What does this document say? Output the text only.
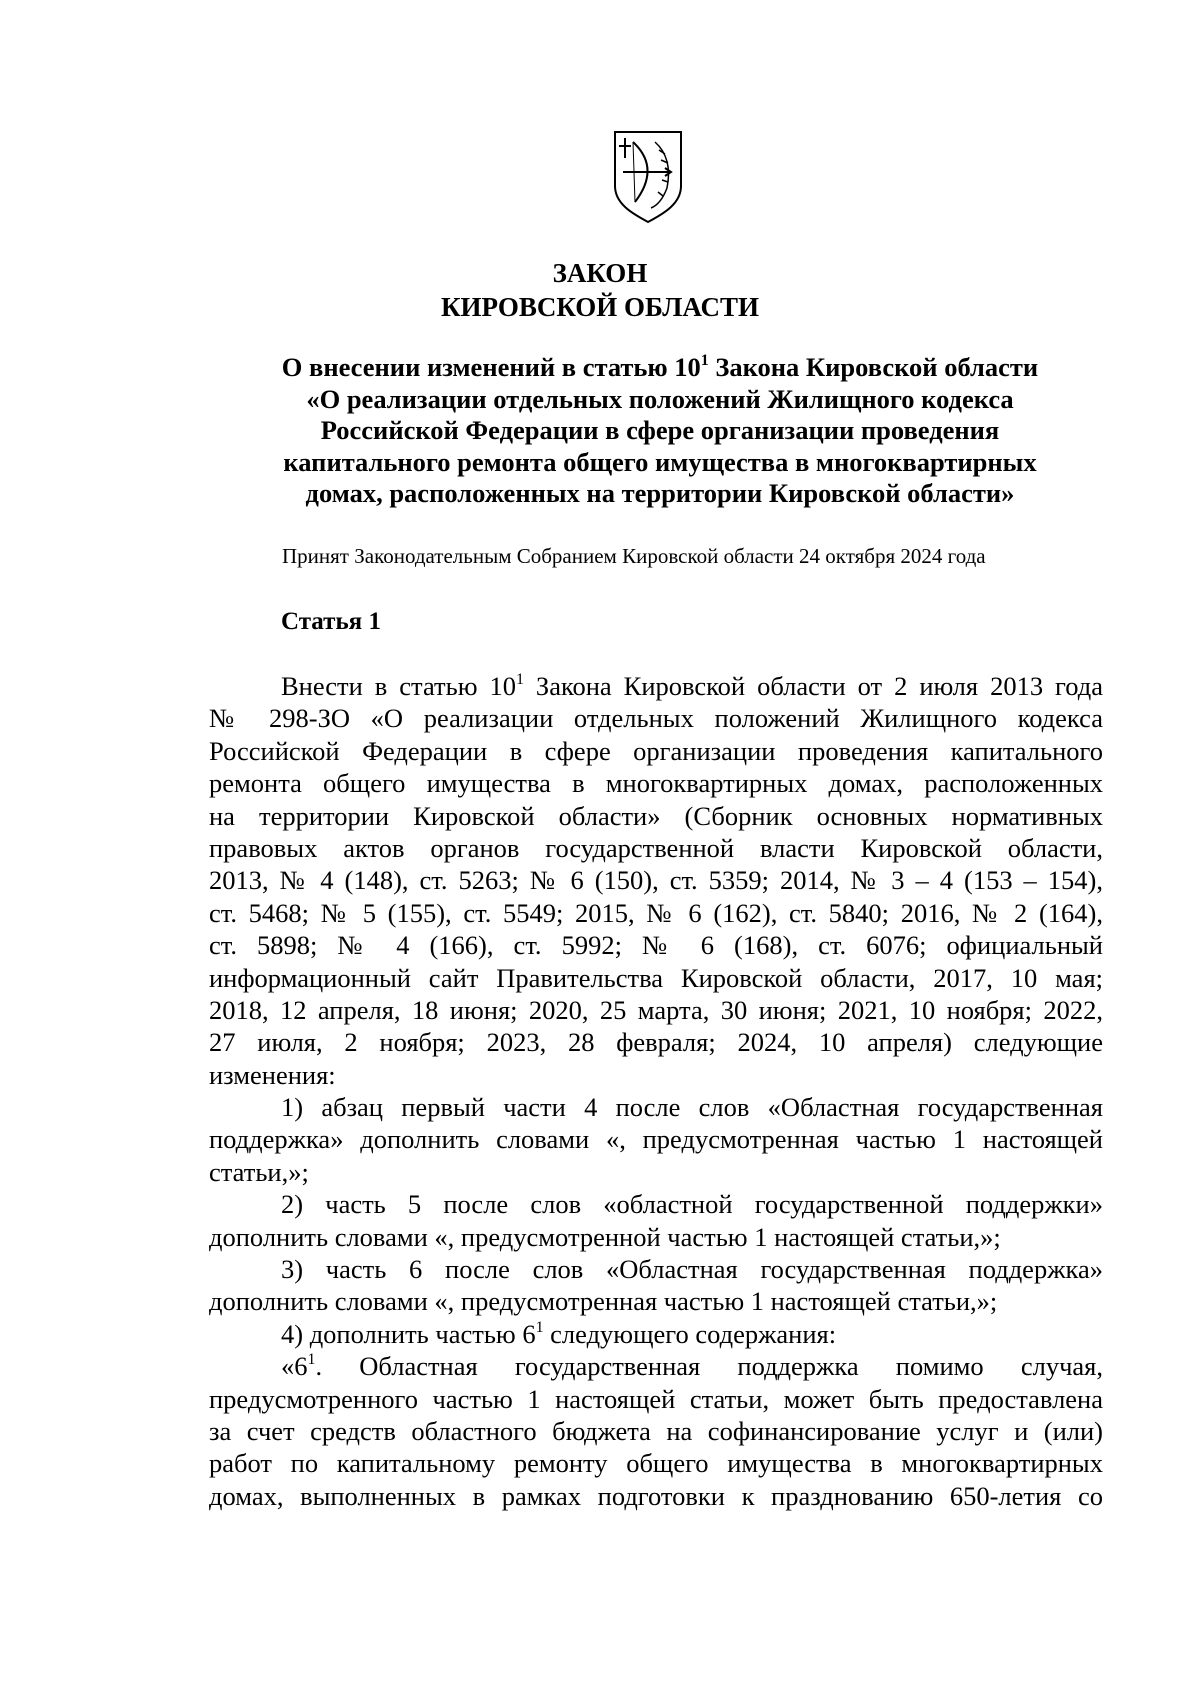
ЗАКОН
КИРОВСКОЙ ОБЛАСТИ
О внесении изменений в статью $10^1$ Закона Кировской области
«О реализации отдельных положений Жилищного кодекса
Российской Федерации в сфере организации проведения
капитального ремонта общего имущества в многоквартирных
домах, расположенных на территории Кировской области»
Принят Законодательным Собранием Кировской области 24 октября 2024 года
Статья 1
Внести в статью $10^1$ Закона Кировской области от 2 июля 2013 года
№ 298-ЗО «О реализации отдельных положений Жилищного кодекса
Российской Федерации в сфере организации проведения капитального
ремонта общего имущества в многоквартирных домах, расположенных
на территории Кировской области» (Сборник основных нормативных
правовых актов органов государственной власти Кировской области,
2013, № 4 (148), ст. 5263; № 6 (150), ст. 5359; 2014, № 3 – 4 (153 – 154),
ст. 5468; № 5 (155), ст. 5549; 2015, № 6 (162), ст. 5840; 2016, № 2 (164),
ст. 5898; № 4 (166), ст. 5992; № 6 (168), ст. 6076; официальный
информационный сайт Правительства Кировской области, 2017, 10 мая;
2018, 12 апреля, 18 июня; 2020, 25 марта, 30 июня; 2021, 10 ноября; 2022,
27 июля, 2 ноября; 2023, 28 февраля; 2024, 10 апреля) следующие
изменения:
1) абзац первый части 4 после слов «Областная государственная
поддержка» дополнить словами «, предусмотренная частью 1 настоящей
статьи,»;
2) часть 5 после слов «областной государственной поддержки»
дополнить словами «, предусмотренной частью 1 настоящей статьи,»;
3) часть 6 после слов «Областная государственная поддержка»
дополнить словами «, предусмотренная частью 1 настоящей статьи,»;
4) дополнить частью $6^1$ следующего содержания:
«$6^1$. Областная государственная поддержка помимо случая,
предусмотренного частью 1 настоящей статьи, может быть предоставлена
за счет средств областного бюджета на софинансирование услуг и (или)
работ по капитальному ремонту общего имущества в многоквартирных
домах, выполненных в рамках подготовки к празднованию 650-летия со
